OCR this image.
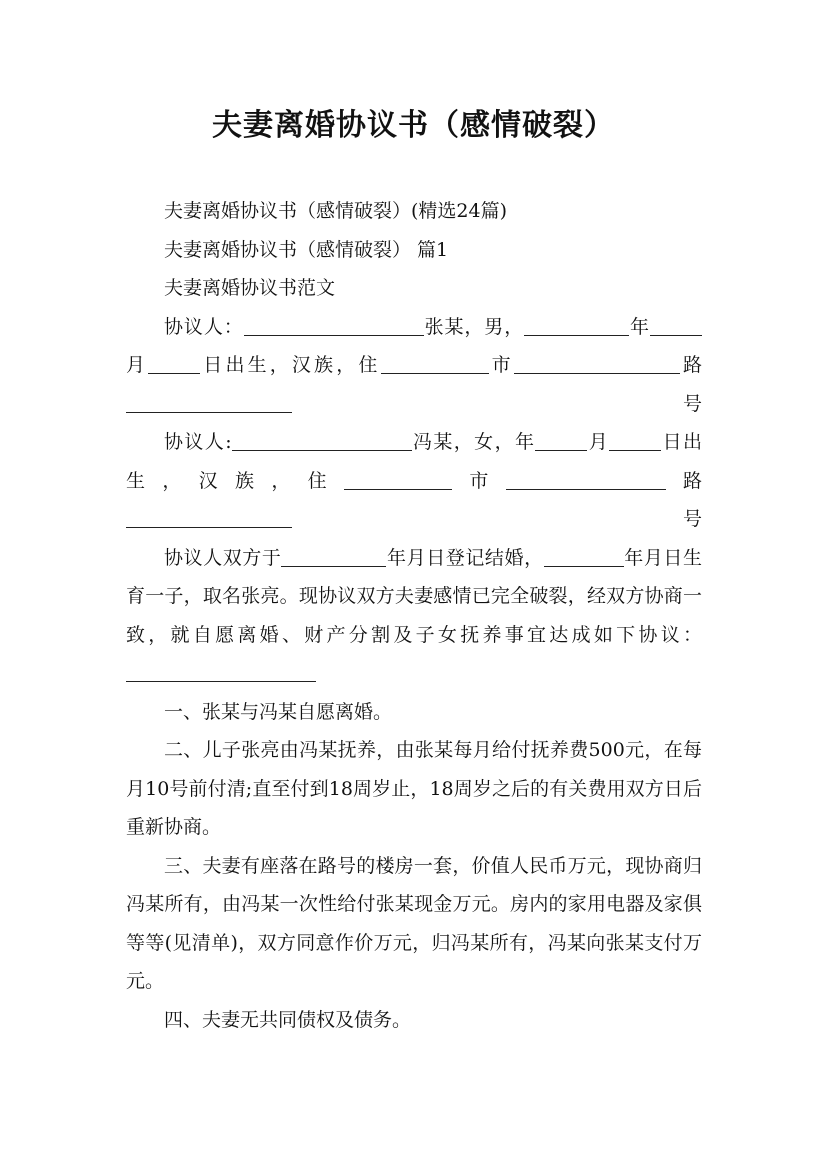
夫妻离婚协议书（感情破裂）

夫妻离婚协议书（感情破裂）(精选24篇)

夫妻离婚协议书（感情破裂） 篇1

夫妻离婚协议书范文

协议人：	张某，男，	年月	日出生，汉族，住	市	路号

协议人:	冯某，女，年	月	日出生，汉族，住	市	路号

协议人双方于	年月日登记结婚，	年月日生育一子，取名张亮。现协议双方夫妻感情已完全破裂，经双方协商一致，就自愿离婚、财产分割及子女抚养事宜达成如下协议：

一、张某与冯某自愿离婚。

二、儿子张亮由冯某抚养，由张某每月给付抚养费500元，在每月10号前付清;直至付到18周岁止，18周岁之后的有关费用双方日后重新协商。

三、夫妻有座落在路号的楼房一套，价值人民币万元，现协商归冯某所有，由冯某一次性给付张某现金万元。房内的家用电器及家俱等等(见清单)，双方同意作价万元，归冯某所有，冯某向张某支付万元。

四、夫妻无共同债权及债务。
